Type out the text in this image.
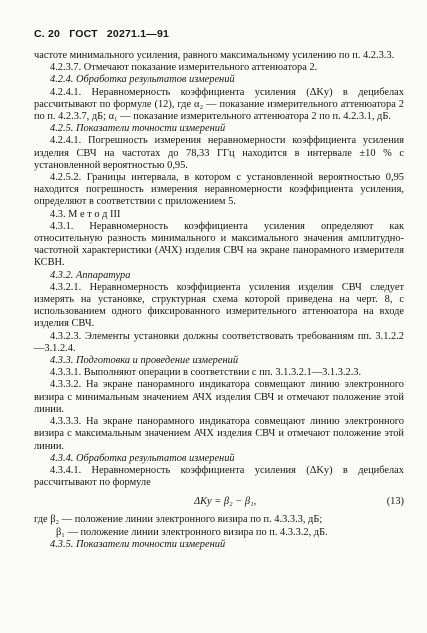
С. 20 ГОСТ 20271.1—91

частоте минимального усиления, равного максимальному усилению по п. 4.2.3.3.

4.2.3.7. Отмечают показание измерительного аттенюатора 2.

4.2.4. Обработка результатов измерений

4.2.4.1. Неравномерность коэффициента усиления (ΔKу) в децибелах рассчитывают по формуле (12), где α₂ — показание измерительного аттенюатора 2 по п. 4.2.3.7, дБ; α₁ — показание измерительного аттенюатора 2 по п. 4.2.3.1, дБ.

4.2.5. Показатели точности измерений

4.2.4.1. Погрешность измерения неравномерности коэффициента усиления изделия СВЧ на частотах до 78,33 ГГц находится в интервале ±10 % с установленной вероятностью 0,95.

4.2.5.2. Границы интервала, в котором с установленной вероятностью 0,95 находится погрешность измерения неравномерности коэффициента усиления, определяют в соответствии с приложением 5.

4.3. М е т о д III

4.3.1. Неравномерность коэффициента усиления определяют как относительную разность минимального и максимального значения амплитудно-частотной характеристики (АЧХ) изделия СВЧ на экране панорамного измерителя КСВН.

4.3.2. Аппаратура

4.3.2.1. Неравномерность коэффициента усиления изделия СВЧ следует измерять на установке, структурная схема которой приведена на черт. 8, с использованием одного фиксированного измерительного аттенюатора на входе изделия СВЧ.

4.3.2.3. Элементы установки должны соответствовать требованиям пп. 3.1.2.2—3.1.2.4.

4.3.3. Подготовка и проведение измерений

4.3.3.1. Выполняют операции в соответствии с пп. 3.1.3.2.1—3.1.3.2.3.

4.3.3.2. На экране панорамного индикатора совмещают линию электронного визира с минимальным значением АЧХ изделия СВЧ и отмечают положение этой линии.

4.3.3.3. На экране панорамного индикатора совмещают линию электронного визира с максимальным значением АЧХ изделия СВЧ и отмечают положение этой линии.

4.3.4. Обработка результатов измерений

4.3.4.1. Неравномерность коэффициента усиления (ΔKу) в децибелах рассчитывают по формуле

ΔKу = β₂ − β₁,	(13)

где β₂ — положение линии электронного визира по п. 4.3.3.3, дБ;

β₁ — положение линии электронного визира по п. 4.3.3.2, дБ.

4.3.5. Показатели точности измерений
